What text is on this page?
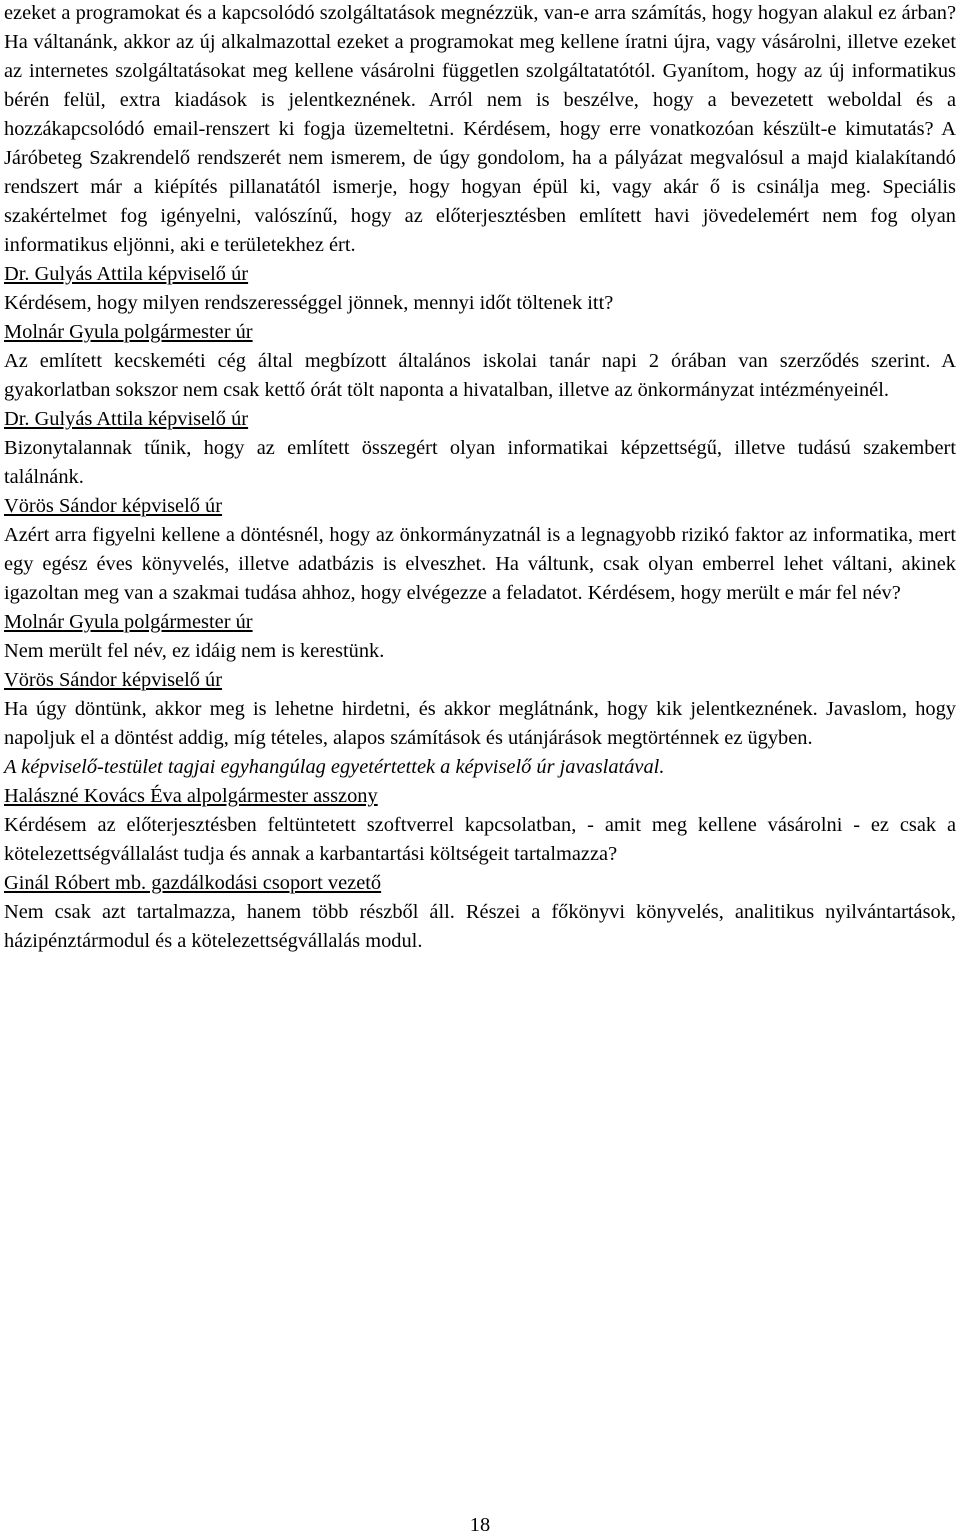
ezeket a programokat és a kapcsolódó szolgáltatások megnézzük, van-e arra számítás, hogy hogyan alakul ez árban? Ha váltanánk, akkor az új alkalmazottal ezeket a programokat meg kellene íratni újra, vagy vásárolni, illetve ezeket az internetes szolgáltatásokat meg kellene vásárolni független szolgáltatatótól. Gyanítom, hogy az új informatikus bérén felül, extra kiadások is jelentkeznének. Arról nem is beszélve, hogy a bevezetett weboldal és a hozzákapcsolódó email-renszert ki fogja üzemeltetni. Kérdésem, hogy erre vonatkozóan készült-e kimutatás? A Járóbeteg Szakrendelő rendszerét nem ismerem, de úgy gondolom, ha a pályázat megvalósul a majd kialakítandó rendszert már a kiépítés pillanatától ismerje, hogy hogyan épül ki, vagy akár ő is csinálja meg. Speciális szakértelmet fog igényelni, valószínű, hogy az előterjesztésben említett havi jövedelemért nem fog olyan informatikus eljönni, aki e területekhez ért.

Dr. Gulyás Attila képviselő úr

Kérdésem, hogy milyen rendszerességgel jönnek, mennyi időt töltenek itt?

Molnár Gyula polgármester úr

Az említett kecskeméti cég által megbízott általános iskolai tanár napi 2 órában van szerződés szerint. A gyakorlatban sokszor nem csak kettő órát tölt naponta a hivatalban, illetve az önkormányzat intézményeinél.

Dr. Gulyás Attila képviselő úr

Bizonytalannak tűnik, hogy az említett összegért olyan informatikai képzettségű, illetve tudású szakembert találnánk.

Vörös Sándor képviselő úr

Azért arra figyelni kellene a döntésnél, hogy az önkormányzatnál is a legnagyobb rizikó faktor az informatika, mert egy egész éves könyvelés, illetve adatbázis is elveszhet. Ha váltunk, csak olyan emberrel lehet váltani, akinek igazoltan meg van a szakmai tudása ahhoz, hogy elvégezze a feladatot. Kérdésem, hogy merült e már fel név?

Molnár Gyula polgármester úr

Nem merült fel név, ez idáig nem is kerestünk.

Vörös Sándor képviselő úr

Ha úgy döntünk, akkor meg is lehetne hirdetni, és akkor meglátnánk, hogy kik jelentkeznének. Javaslom, hogy napoljuk el a döntést addig, míg tételes, alapos számítások és utánjárások megtörténnek ez ügyben.

A képviselő-testület tagjai egyhangúlag egyetértettek a képviselő úr javaslatával.

Halászné Kovács Éva alpolgármester asszony

Kérdésem az előterjesztésben feltüntetett szoftverrel kapcsolatban, - amit meg kellene vásárolni - ez csak a kötelezettségvállalást tudja és annak a karbantartási költségeit tartalmazza?

Ginál Róbert mb. gazdálkodási csoport vezető

Nem csak azt tartalmazza, hanem több részből áll. Részei a főkönyvi könyvelés, analitikus nyilvántartások, házipénztármodul és a kötelezettségvállalás modul.

18
